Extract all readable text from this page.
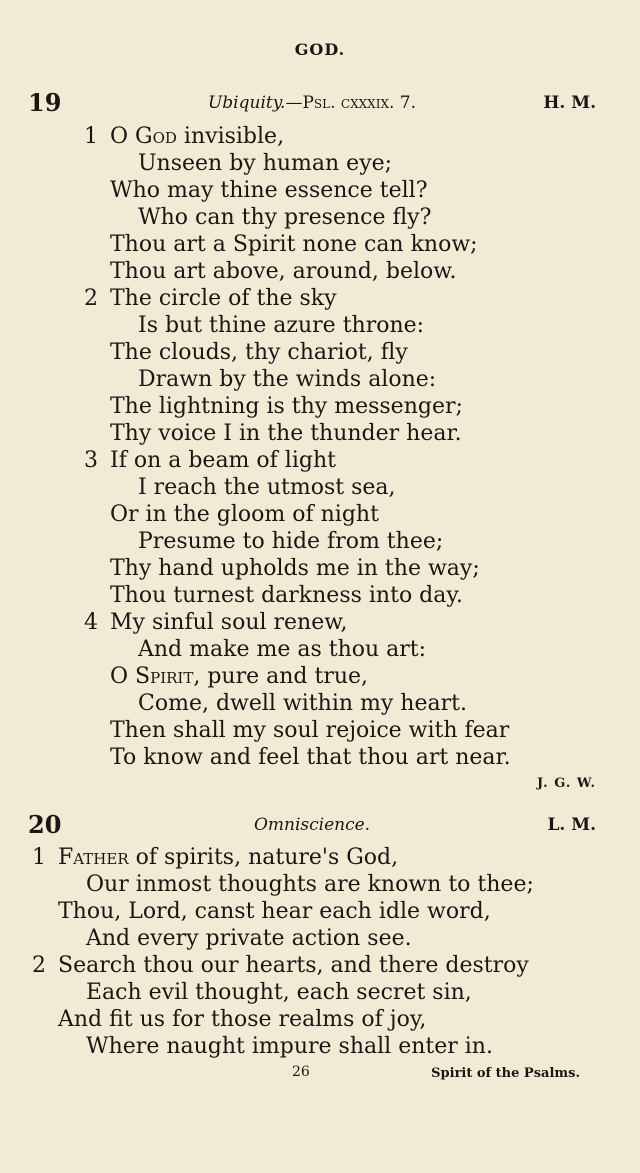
GOD.
19	Ubiquity.—Psl. cxxxix. 7.	H. M.
1 O God invisible,
Unseen by human eye;
Who may thine essence tell?
Who can thy presence fly?
Thou art a Spirit none can know;
Thou art above, around, below.
2 The circle of the sky
Is but thine azure throne:
The clouds, thy chariot, fly
Drawn by the winds alone:
The lightning is thy messenger;
Thy voice I in the thunder hear.
3 If on a beam of light
I reach the utmost sea,
Or in the gloom of night
Presume to hide from thee;
Thy hand upholds me in the way;
Thou turnest darkness into day.
4 My sinful soul renew,
And make me as thou art:
O Spirit, pure and true,
Come, dwell within my heart.
Then shall my soul rejoice with fear
To know and feel that thou art near.
J. G. W.
20	Omniscience.	L. M.
1 Father of spirits, nature's God,
Our inmost thoughts are known to thee;
Thou, Lord, canst hear each idle word,
And every private action see.
2 Search thou our hearts, and there destroy
Each evil thought, each secret sin,
And fit us for those realms of joy,
Where naught impure shall enter in.
26	Spirit of the Psalms.
